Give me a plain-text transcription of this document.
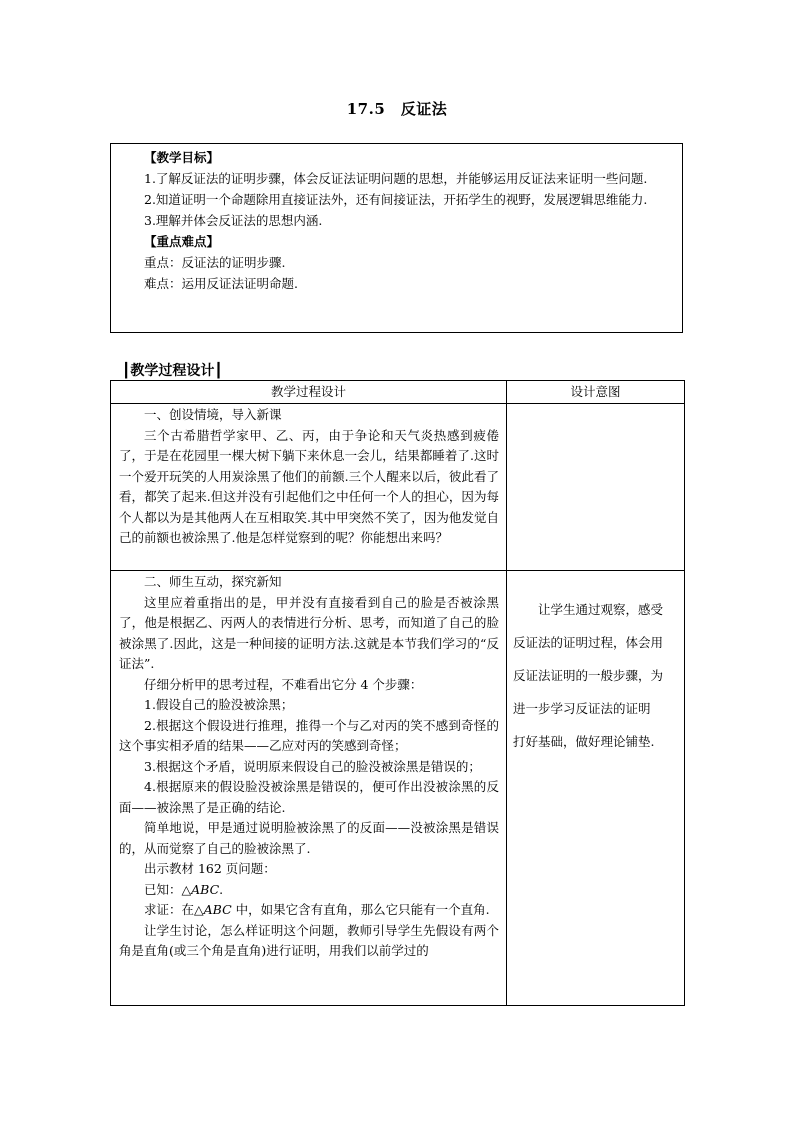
17.5　反证法

【教学目标】

1.了解反证法的证明步骤，体会反证法证明问题的思想，并能够运用反证法来证明一些问题.

2.知道证明一个命题除用直接证法外，还有间接证法，开拓学生的视野，发展逻辑思维能力.

3.理解并体会反证法的思想内涵.

【重点难点】

重点：反证法的证明步骤.

难点：运用反证法证明命题.

┃教学过程设计┃
教学过程设计	设计意图

一、创设情境，导入新课

三个古希腊哲学家甲、乙、丙，由于争论和天气炎热感到疲倦了，于是在花园里一棵大树下躺下来休息一会儿，结果都睡着了.这时一个爱开玩笑的人用炭涂黑了他们的前额.三个人醒来以后，彼此看了看，都笑了起来.但这并没有引起他们之中任何一个人的担心，因为每个人都以为是其他两人在互相取笑.其中甲突然不笑了，因为他发觉自己的前额也被涂黑了.他是怎样觉察到的呢？你能想出来吗？

二、师生互动，探究新知

这里应着重指出的是，甲并没有直接看到自己的脸是否被涂黑了，他是根据乙、丙两人的表情进行分析、思考，而知道了自己的脸被涂黑了.因此，这是一种间接的证明方法.这就是本节我们学习的“反证法”.

仔细分析甲的思考过程，不难看出它分 4 个步骤：

1.假设自己的脸没被涂黑；

2.根据这个假设进行推理，推得一个与乙对丙的笑不感到奇怪的这个事实相矛盾的结果——乙应对丙的笑感到奇怪；

3.根据这个矛盾，说明原来假设自己的脸没被涂黑是错误的；

4.根据原来的假设脸没被涂黑是错误的，便可作出没被涂黑的反面——被涂黑了是正确的结论.

简单地说，甲是通过说明脸被涂黑了的反面——没被涂黑是错误的，从而觉察了自己的脸被涂黑了.

出示教材 162 页问题：

已知：△ABC.

求证：在△ABC 中，如果它含有直角，那么它只能有一个直角.

让学生讨论，怎么样证明这个问题，教师引导学生先假设有两个角是直角(或三个角是直角)进行证明，用我们以前学过的

　　让学生通过观察，感受

反证法的证明过程，体会用

反证法证明的一般步骤，为

进一步学习反证法的证明

打好基础，做好理论铺垫.
